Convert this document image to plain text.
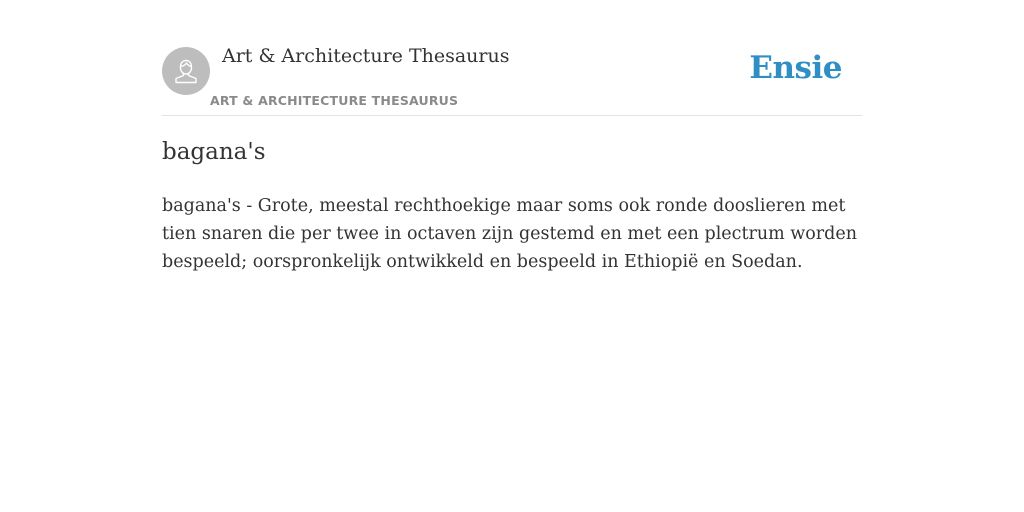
Art & Architecture Thesaurus
ART & ARCHITECTURE THESAURUS
Ensie
bagana's

bagana's - Grote, meestal rechthoekige maar soms ook ronde dooslieren met tien snaren die per twee in octaven zijn gestemd en met een plectrum worden bespeeld; oorspronkelijk ontwikkeld en bespeeld in Ethiopië en Soedan.
